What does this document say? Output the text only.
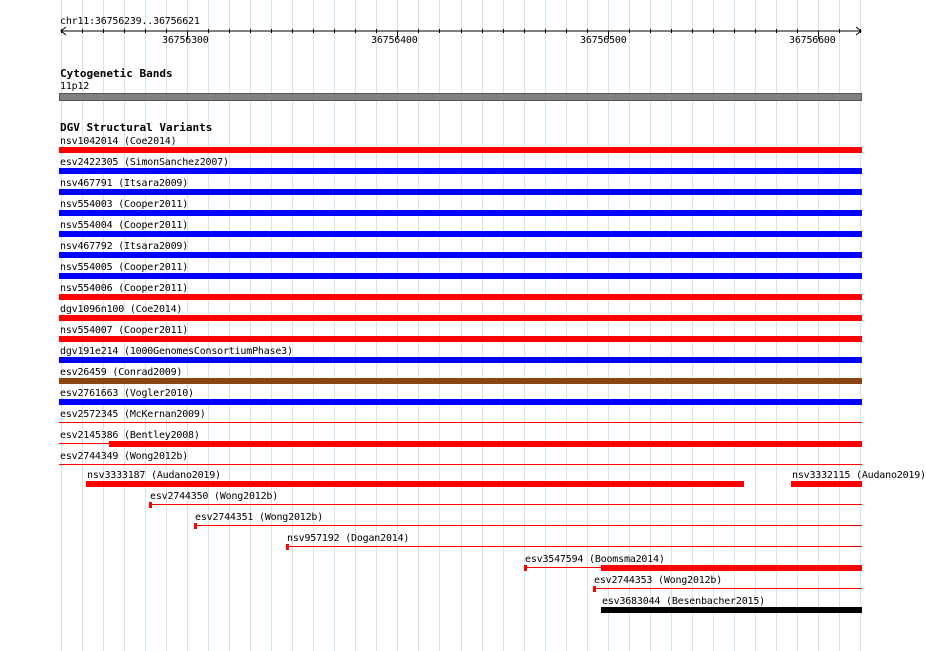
chr11:36756239..36756621
36756300	36756400	36756500	36756600
Cytogenetic Bands
11p12
DGV Structural Variants
nsv1042014 (Coe2014)
esv2422305 (SimonSanchez2007)
nsv467791 (Itsara2009)
nsv554003 (Cooper2011)
nsv554004 (Cooper2011)
nsv467792 (Itsara2009)
nsv554005 (Cooper2011)
nsv554006 (Cooper2011)
dgv1096n100 (Coe2014)
nsv554007 (Cooper2011)
dgv191e214 (1000GenomesConsortiumPhase3)
esv26459 (Conrad2009)
esv2761663 (Vogler2010)
esv2572345 (McKernan2009)
esv2145386 (Bentley2008)
esv2744349 (Wong2012b)
nsv3333187 (Audano2019)	nsv3332115 (Audano2019)
esv2744350 (Wong2012b)
esv2744351 (Wong2012b)
nsv957192 (Dogan2014)
esv3547594 (Boomsma2014)
esv2744353 (Wong2012b)
esv3683044 (Besenbacher2015)
